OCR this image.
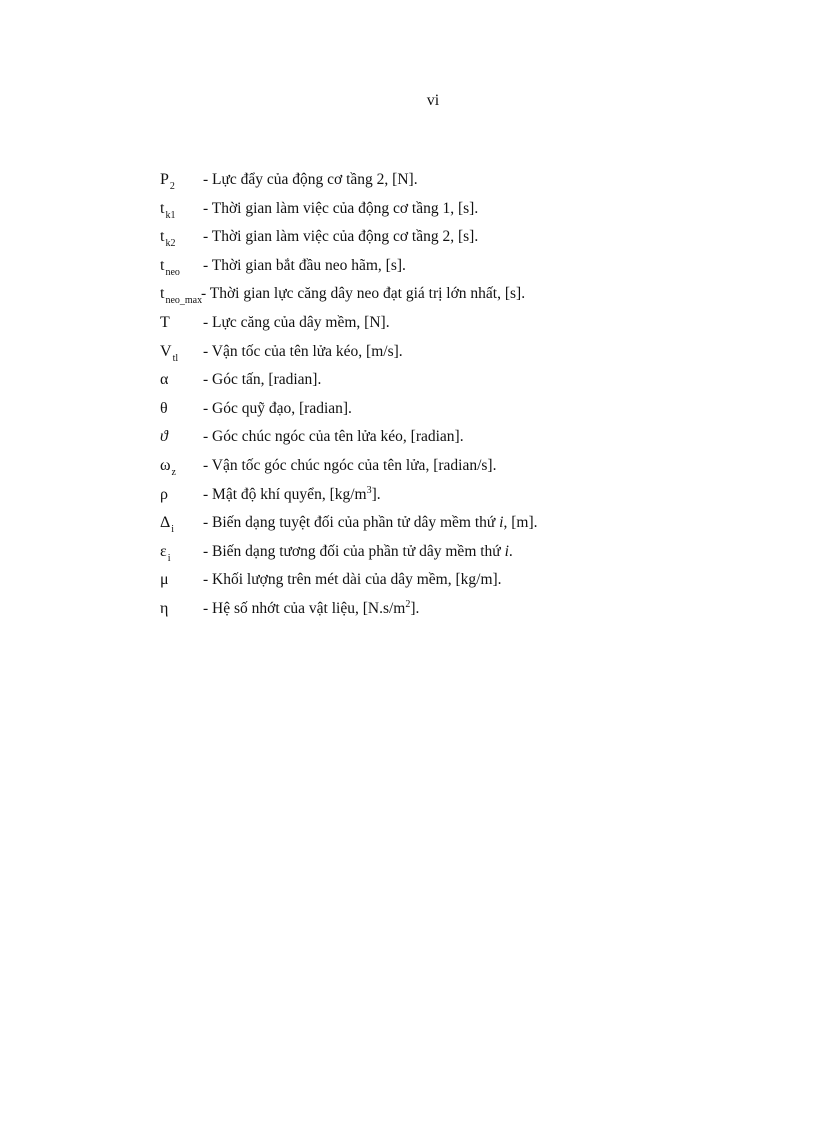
vi
$P_2$ - Lực đẩy của động cơ tầng 2, [N].
$t_{k1}$ - Thời gian làm việc của động cơ tầng 1, [s].
$t_{k2}$ - Thời gian làm việc của động cơ tầng 2, [s].
$t_{neo}$ - Thời gian bắt đầu neo hãm, [s].
$t_{neo\_max}$
- Thời gian lực căng dây neo đạt giá trị lớn nhất, [s].
T - Lực căng của dây mềm, [N].
$V_{tl}$ - Vận tốc của tên lửa kéo, [m/s].
α - Góc tấn, [radian].
θ - Góc quỹ đạo, [radian].
ϑ - Góc chúc ngóc của tên lửa kéo, [radian].
$\omega_z$ - Vận tốc góc chúc ngóc của tên lửa, [radian/s].
ρ - Mật độ khí quyển, $[kg/m^3]$.
$\Delta_i$ - Biến dạng tuyệt đối của phần tử dây mềm thứ i, [m].
$\varepsilon_i$ - Biến dạng tương đối của phần tử dây mềm thứ i.
μ - Khối lượng trên mét dài của dây mềm, [kg/m].
η - Hệ số nhớt của vật liệu, $[N.s/m^2]$.
